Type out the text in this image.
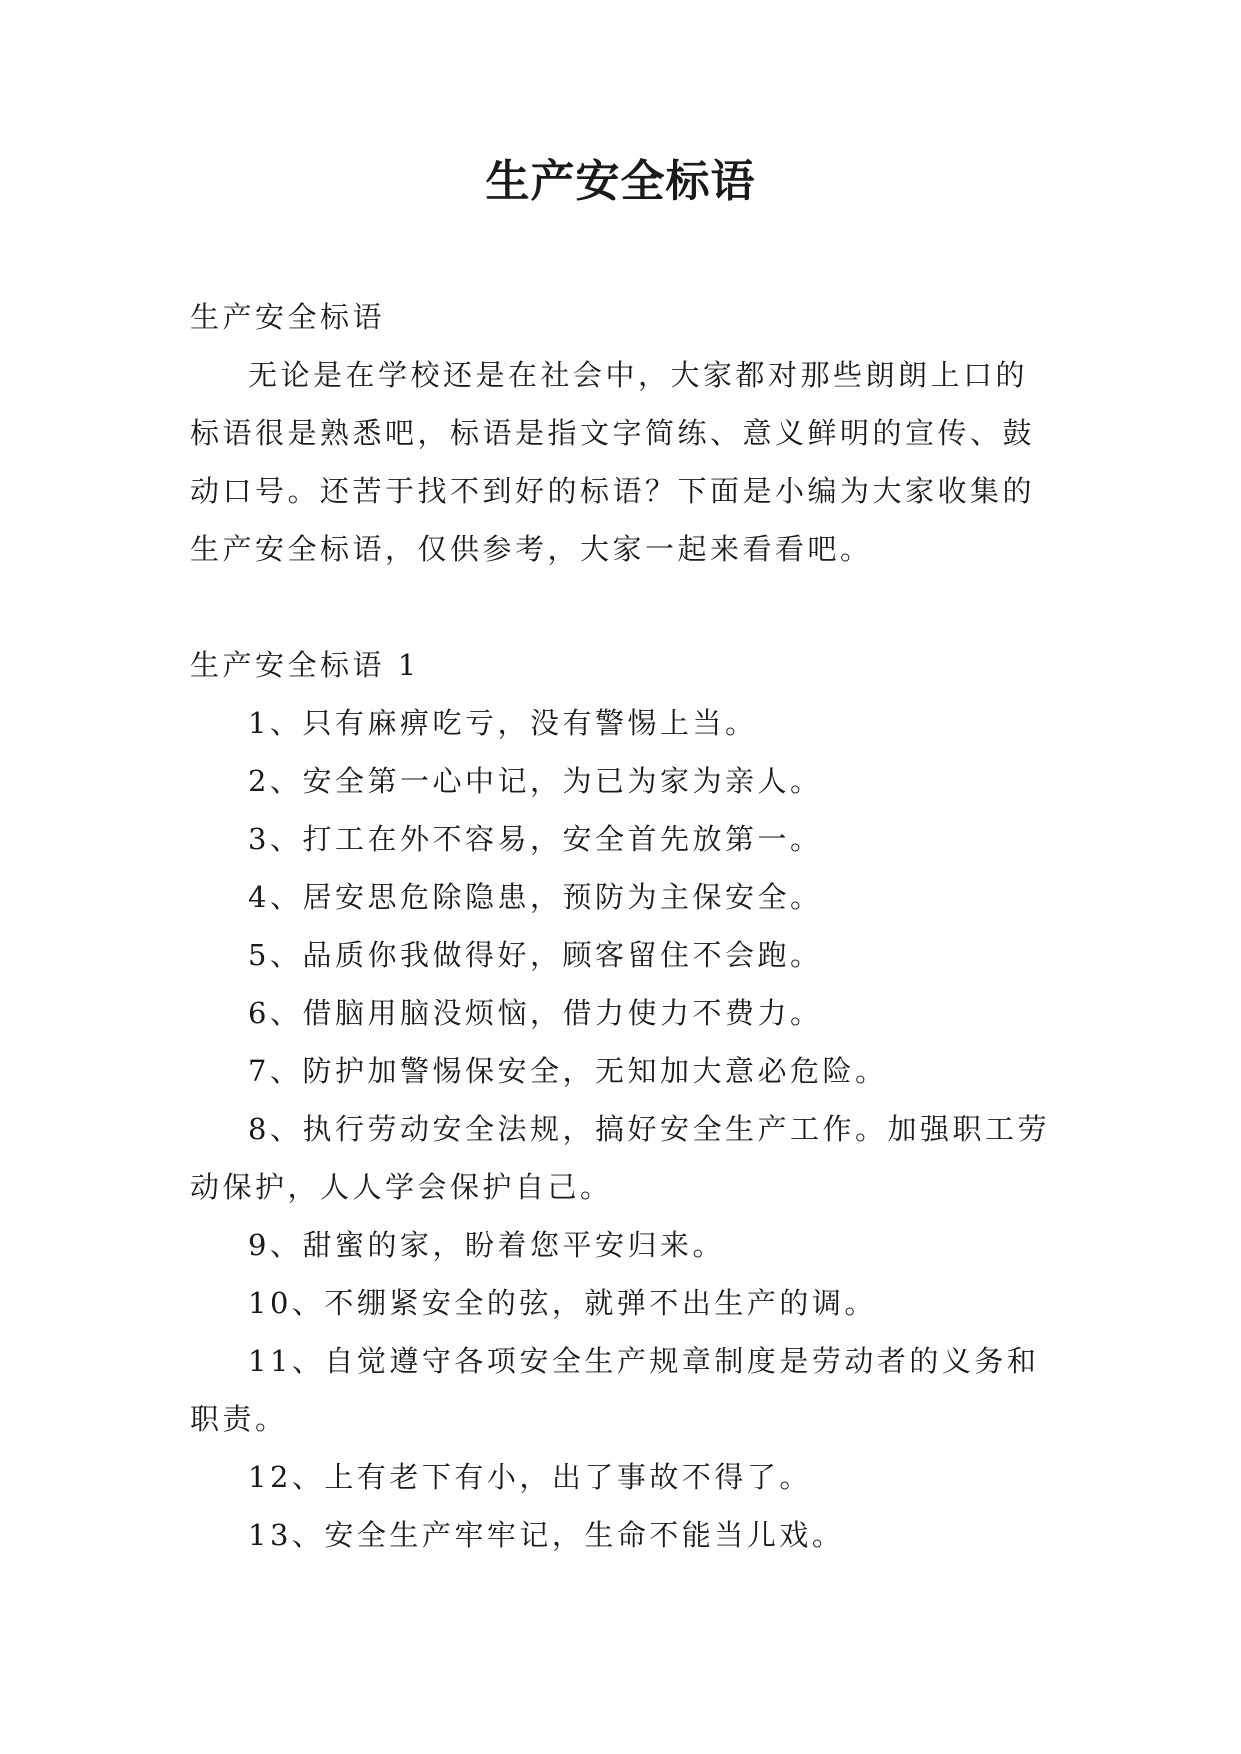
生产安全标语

生产安全标语

无论是在学校还是在社会中，大家都对那些朗朗上口的标语很是熟悉吧，标语是指文字简练、意义鲜明的宣传、鼓动口号。还苦于找不到好的标语？下面是小编为大家收集的生产安全标语，仅供参考，大家一起来看看吧。

生产安全标语 1

1、只有麻痹吃亏，没有警惕上当。

2、安全第一心中记，为已为家为亲人。

3、打工在外不容易，安全首先放第一。

4、居安思危除隐患，预防为主保安全。

5、品质你我做得好，顾客留住不会跑。

6、借脑用脑没烦恼，借力使力不费力。

7、防护加警惕保安全，无知加大意必危险。

8、执行劳动安全法规，搞好安全生产工作。加强职工劳动保护，人人学会保护自己。

9、甜蜜的家，盼着您平安归来。

10、不绷紧安全的弦，就弹不出生产的调。

11、自觉遵守各项安全生产规章制度是劳动者的义务和职责。

12、上有老下有小，出了事故不得了。

13、安全生产牢牢记，生命不能当儿戏。
